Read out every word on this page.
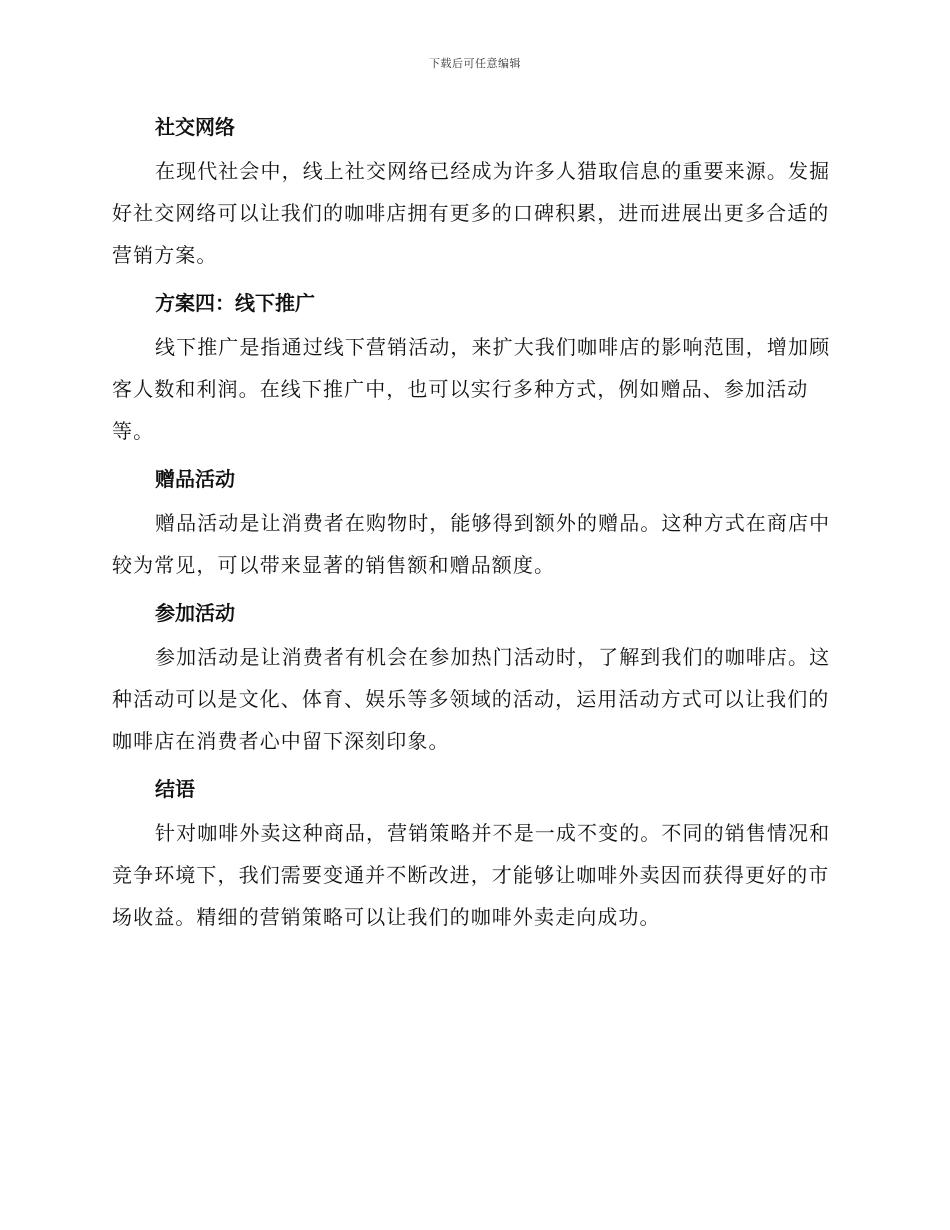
下载后可任意编辑

社交网络

在现代社会中，线上社交网络已经成为许多人猎取信息的重要来源。发掘好社交网络可以让我们的咖啡店拥有更多的口碑积累，进而进展出更多合适的营销方案。

方案四：线下推广

线下推广是指通过线下营销活动，来扩大我们咖啡店的影响范围，增加顾客人数和利润。在线下推广中，也可以实行多种方式，例如赠品、参加活动等。

赠品活动

赠品活动是让消费者在购物时，能够得到额外的赠品。这种方式在商店中较为常见，可以带来显著的销售额和赠品额度。

参加活动

参加活动是让消费者有机会在参加热门活动时，了解到我们的咖啡店。这种活动可以是文化、体育、娱乐等多领域的活动，运用活动方式可以让我们的咖啡店在消费者心中留下深刻印象。

结语

针对咖啡外卖这种商品，营销策略并不是一成不变的。不同的销售情况和竞争环境下，我们需要变通并不断改进，才能够让咖啡外卖因而获得更好的市场收益。精细的营销策略可以让我们的咖啡外卖走向成功。
